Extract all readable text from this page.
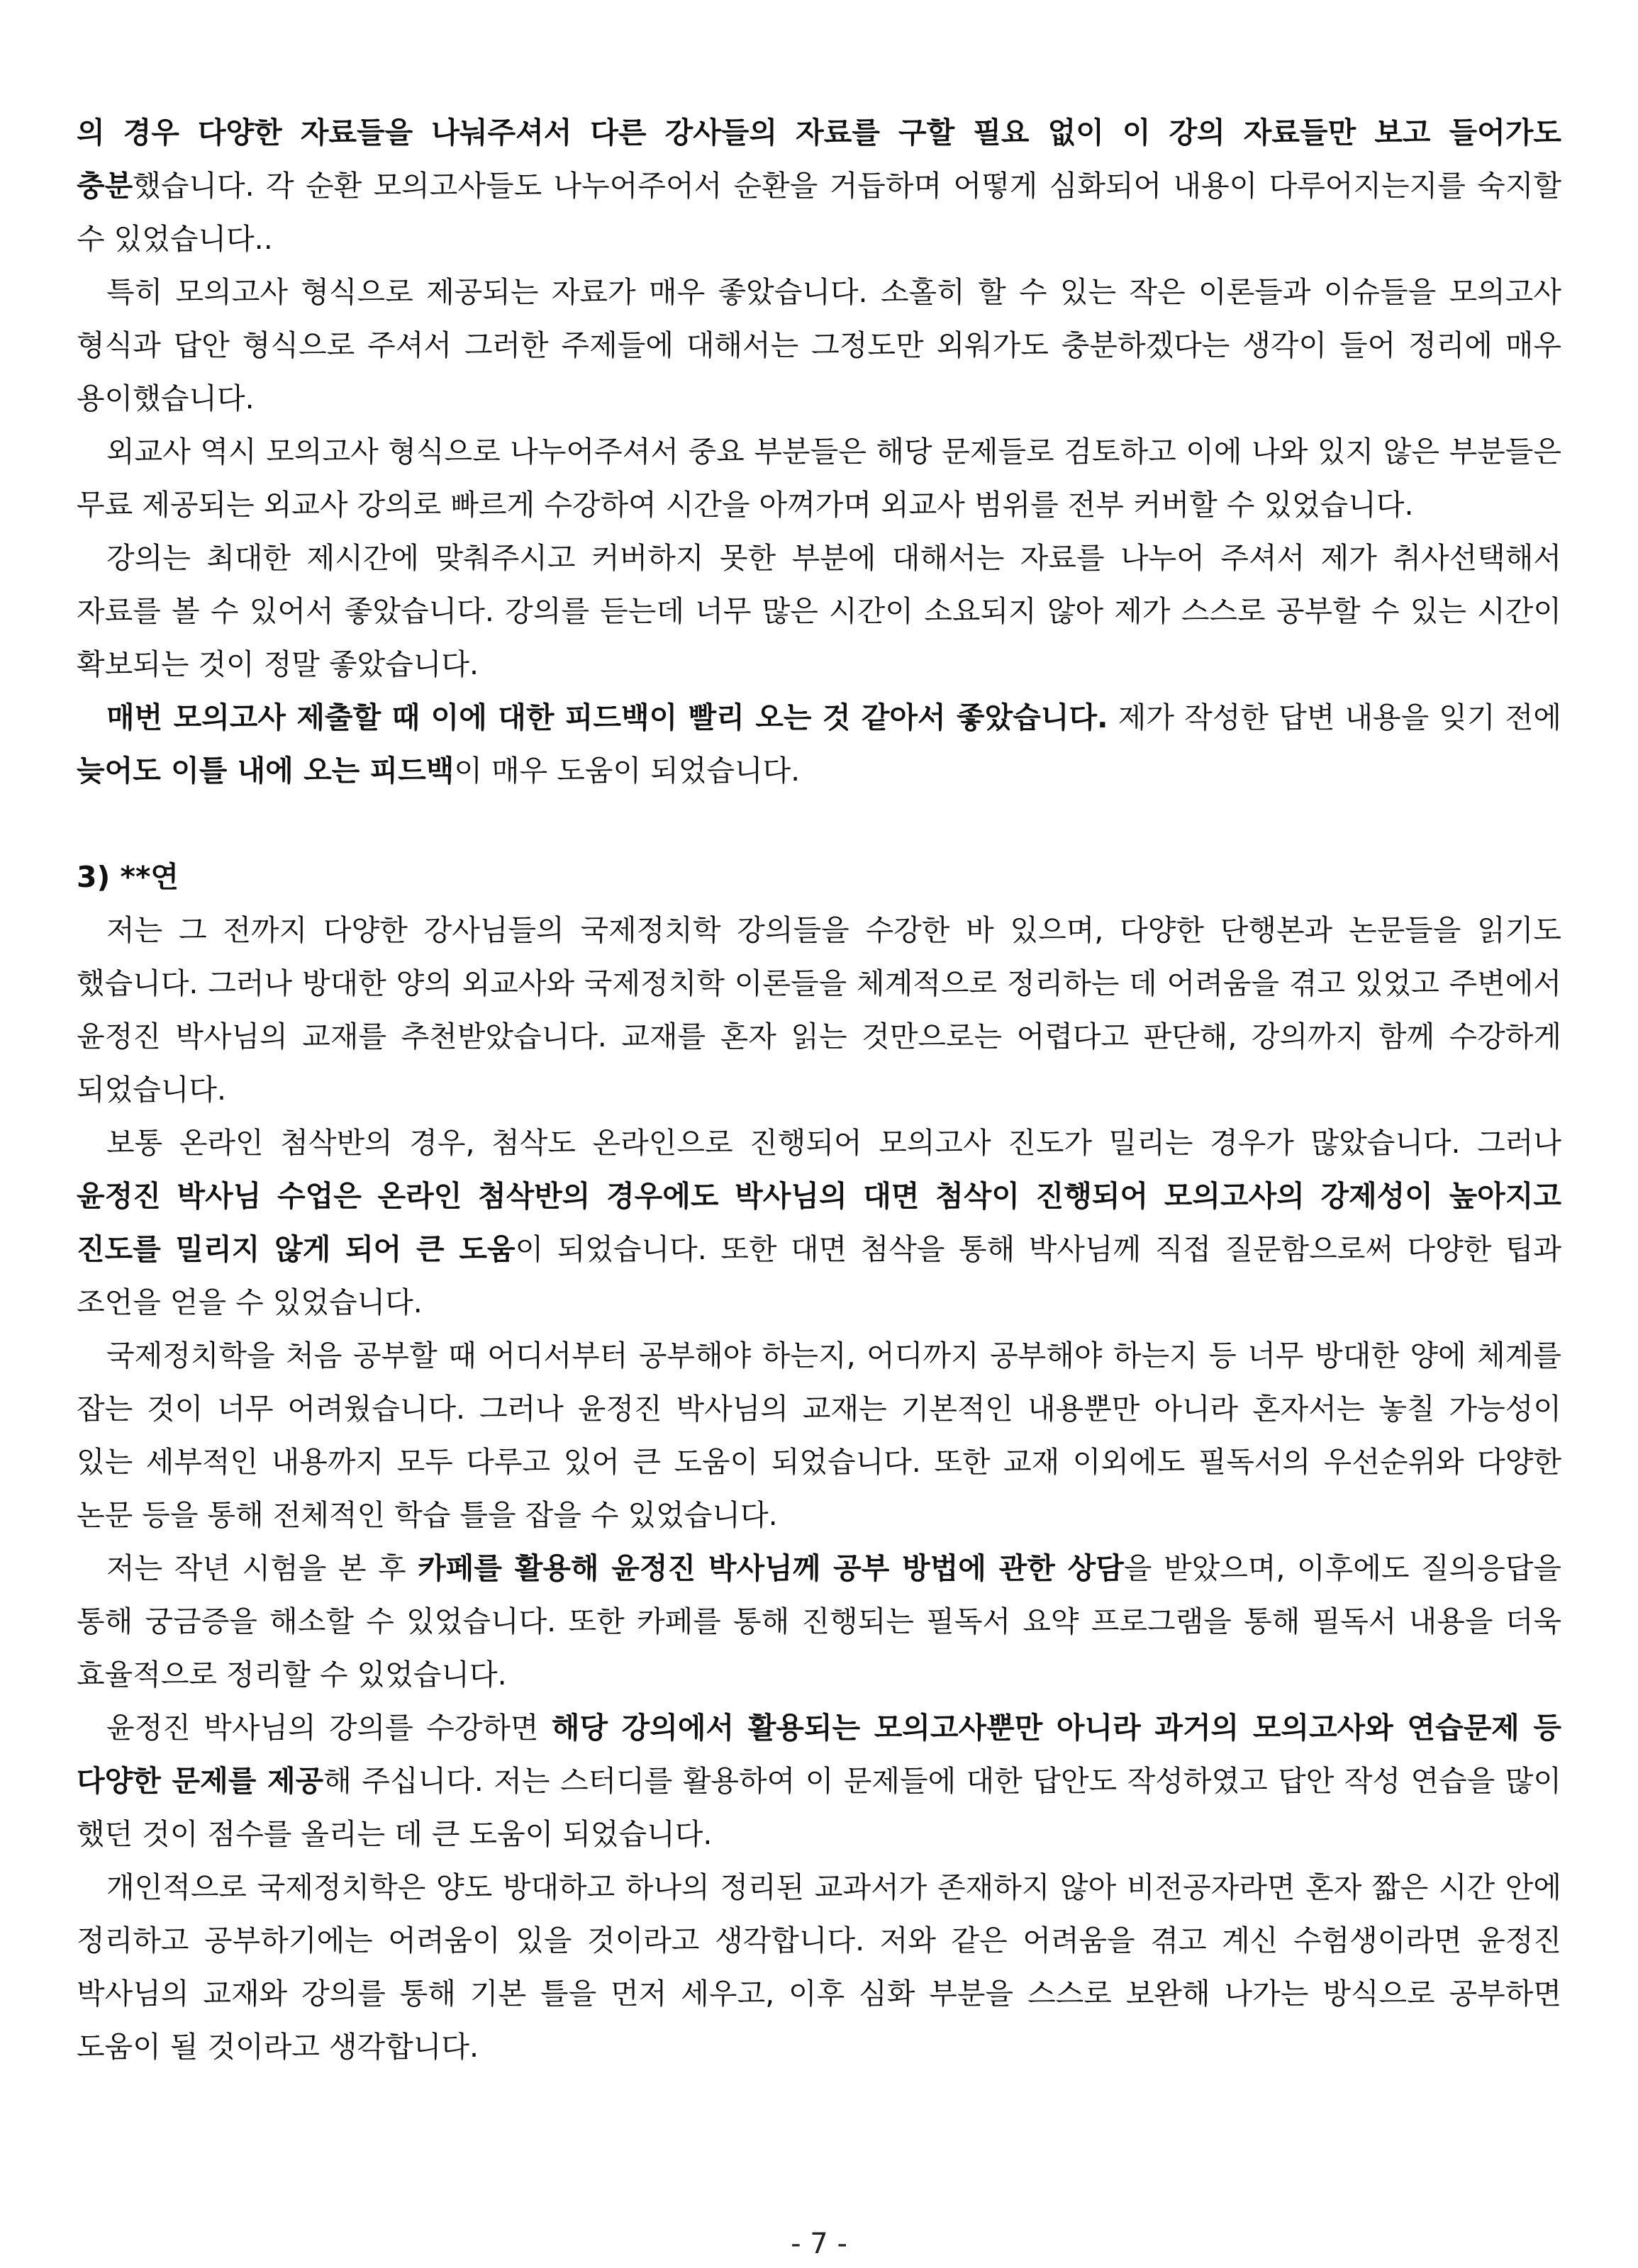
의 경우 다양한 자료들을 나눠주셔서 다른 강사들의 자료를 구할 필요 없이 이 강의 자료들만 보고 들어가도 충분했습니다. 각 순환 모의고사들도 나누어주어서 순환을 거듭하며 어떻게 심화되어 내용이 다루어지는지를 숙지할 수 있었습니다..

특히 모의고사 형식으로 제공되는 자료가 매우 좋았습니다. 소홀히 할 수 있는 작은 이론들과 이슈들을 모의고사 형식과 답안 형식으로 주셔서 그러한 주제들에 대해서는 그정도만 외워가도 충분하겠다는 생각이 들어 정리에 매우 용이했습니다.

외교사 역시 모의고사 형식으로 나누어주셔서 중요 부분들은 해당 문제들로 검토하고 이에 나와 있지 않은 부분들은 무료 제공되는 외교사 강의로 빠르게 수강하여 시간을 아껴가며 외교사 범위를 전부 커버할 수 있었습니다.

강의는 최대한 제시간에 맞춰주시고 커버하지 못한 부분에 대해서는 자료를 나누어 주셔서 제가 취사선택해서 자료를 볼 수 있어서 좋았습니다. 강의를 듣는데 너무 많은 시간이 소요되지 않아 제가 스스로 공부할 수 있는 시간이 확보되는 것이 정말 좋았습니다.

매번 모의고사 제출할 때 이에 대한 피드백이 빨리 오는 것 같아서 좋았습니다. 제가 작성한 답변 내용을 잊기 전에 늦어도 이틀 내에 오는 피드백이 매우 도움이 되었습니다.

3) **연

저는 그 전까지 다양한 강사님들의 국제정치학 강의들을 수강한 바 있으며, 다양한 단행본과 논문들을 읽기도 했습니다. 그러나 방대한 양의 외교사와 국제정치학 이론들을 체계적으로 정리하는 데 어려움을 겪고 있었고 주변에서 윤정진 박사님의 교재를 추천받았습니다. 교재를 혼자 읽는 것만으로는 어렵다고 판단해, 강의까지 함께 수강하게 되었습니다.

보통 온라인 첨삭반의 경우, 첨삭도 온라인으로 진행되어 모의고사 진도가 밀리는 경우가 많았습니다. 그러나 윤정진 박사님 수업은 온라인 첨삭반의 경우에도 박사님의 대면 첨삭이 진행되어 모의고사의 강제성이 높아지고 진도를 밀리지 않게 되어 큰 도움이 되었습니다. 또한 대면 첨삭을 통해 박사님께 직접 질문함으로써 다양한 팁과 조언을 얻을 수 있었습니다.

국제정치학을 처음 공부할 때 어디서부터 공부해야 하는지, 어디까지 공부해야 하는지 등 너무 방대한 양에 체계를 잡는 것이 너무 어려웠습니다. 그러나 윤정진 박사님의 교재는 기본적인 내용뿐만 아니라 혼자서는 놓칠 가능성이 있는 세부적인 내용까지 모두 다루고 있어 큰 도움이 되었습니다. 또한 교재 이외에도 필독서의 우선순위와 다양한 논문 등을 통해 전체적인 학습 틀을 잡을 수 있었습니다.

저는 작년 시험을 본 후 카페를 활용해 윤정진 박사님께 공부 방법에 관한 상담을 받았으며, 이후에도 질의응답을 통해 궁금증을 해소할 수 있었습니다. 또한 카페를 통해 진행되는 필독서 요약 프로그램을 통해 필독서 내용을 더욱 효율적으로 정리할 수 있었습니다.

윤정진 박사님의 강의를 수강하면 해당 강의에서 활용되는 모의고사뿐만 아니라 과거의 모의고사와 연습문제 등 다양한 문제를 제공해 주십니다. 저는 스터디를 활용하여 이 문제들에 대한 답안도 작성하였고 답안 작성 연습을 많이 했던 것이 점수를 올리는 데 큰 도움이 되었습니다.

개인적으로 국제정치학은 양도 방대하고 하나의 정리된 교과서가 존재하지 않아 비전공자라면 혼자 짧은 시간 안에 정리하고 공부하기에는 어려움이 있을 것이라고 생각합니다. 저와 같은 어려움을 겪고 계신 수험생이라면 윤정진 박사님의 교재와 강의를 통해 기본 틀을 먼저 세우고, 이후 심화 부분을 스스로 보완해 나가는 방식으로 공부하면 도움이 될 것이라고 생각합니다.

- 7 -
